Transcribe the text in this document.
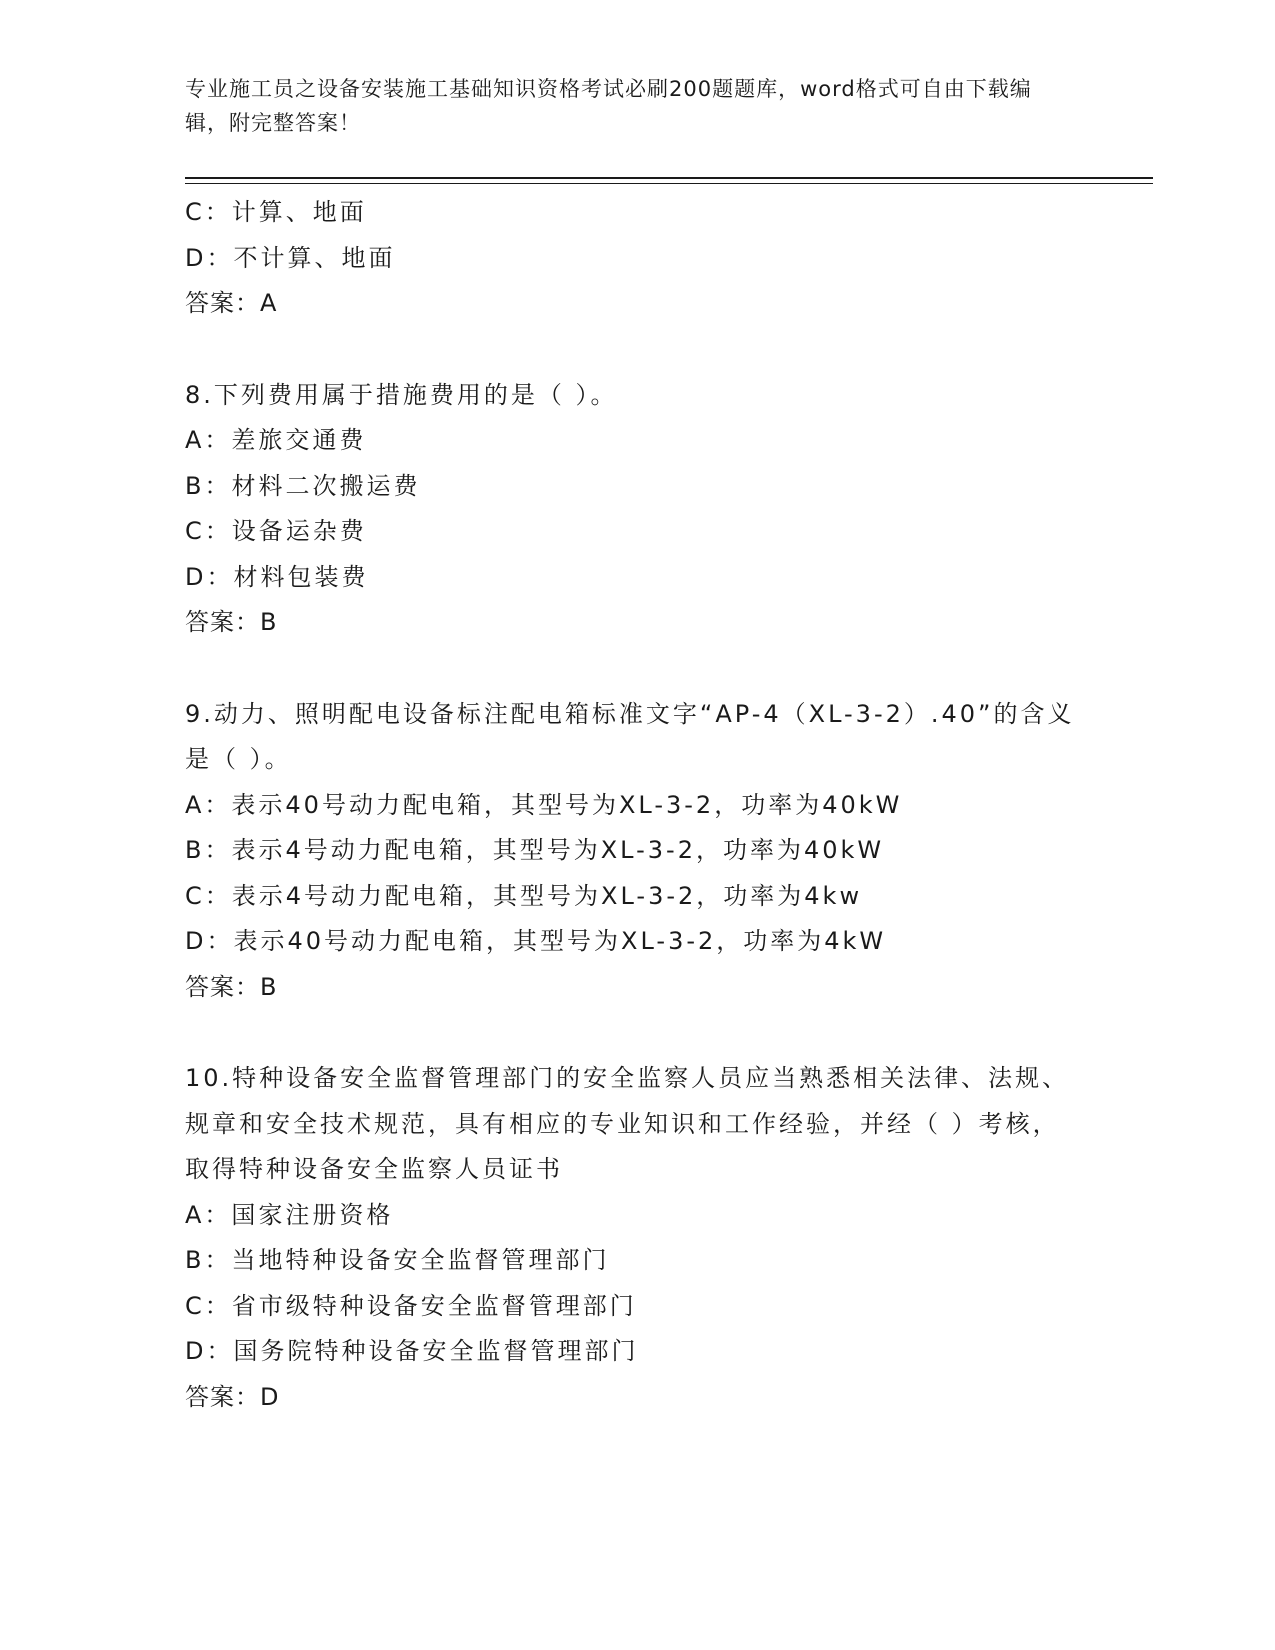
专业施工员之设备安装施工基础知识资格考试必刷200题题库，word格式可自由下载编辑，附完整答案！
C：计算、地面
D：不计算、地面
答案：A
8.下列费用属于措施费用的是（ ）。
A：差旅交通费
B：材料二次搬运费
C：设备运杂费
D：材料包装费
答案：B
9.动力、照明配电设备标注配电箱标准文字“AP-4（XL-3-2）.40”的含义是（ ）。
A：表示40号动力配电箱，其型号为XL-3-2，功率为40kW
B：表示4号动力配电箱，其型号为XL-3-2，功率为40kW
C：表示4号动力配电箱，其型号为XL-3-2，功率为4kw
D：表示40号动力配电箱，其型号为XL-3-2，功率为4kW
答案：B
10.特种设备安全监督管理部门的安全监察人员应当熟悉相关法律、法规、规章和安全技术规范，具有相应的专业知识和工作经验，并经（ ）考核，取得特种设备安全监察人员证书
A：国家注册资格
B：当地特种设备安全监督管理部门
C：省市级特种设备安全监督管理部门
D：国务院特种设备安全监督管理部门
答案：D
